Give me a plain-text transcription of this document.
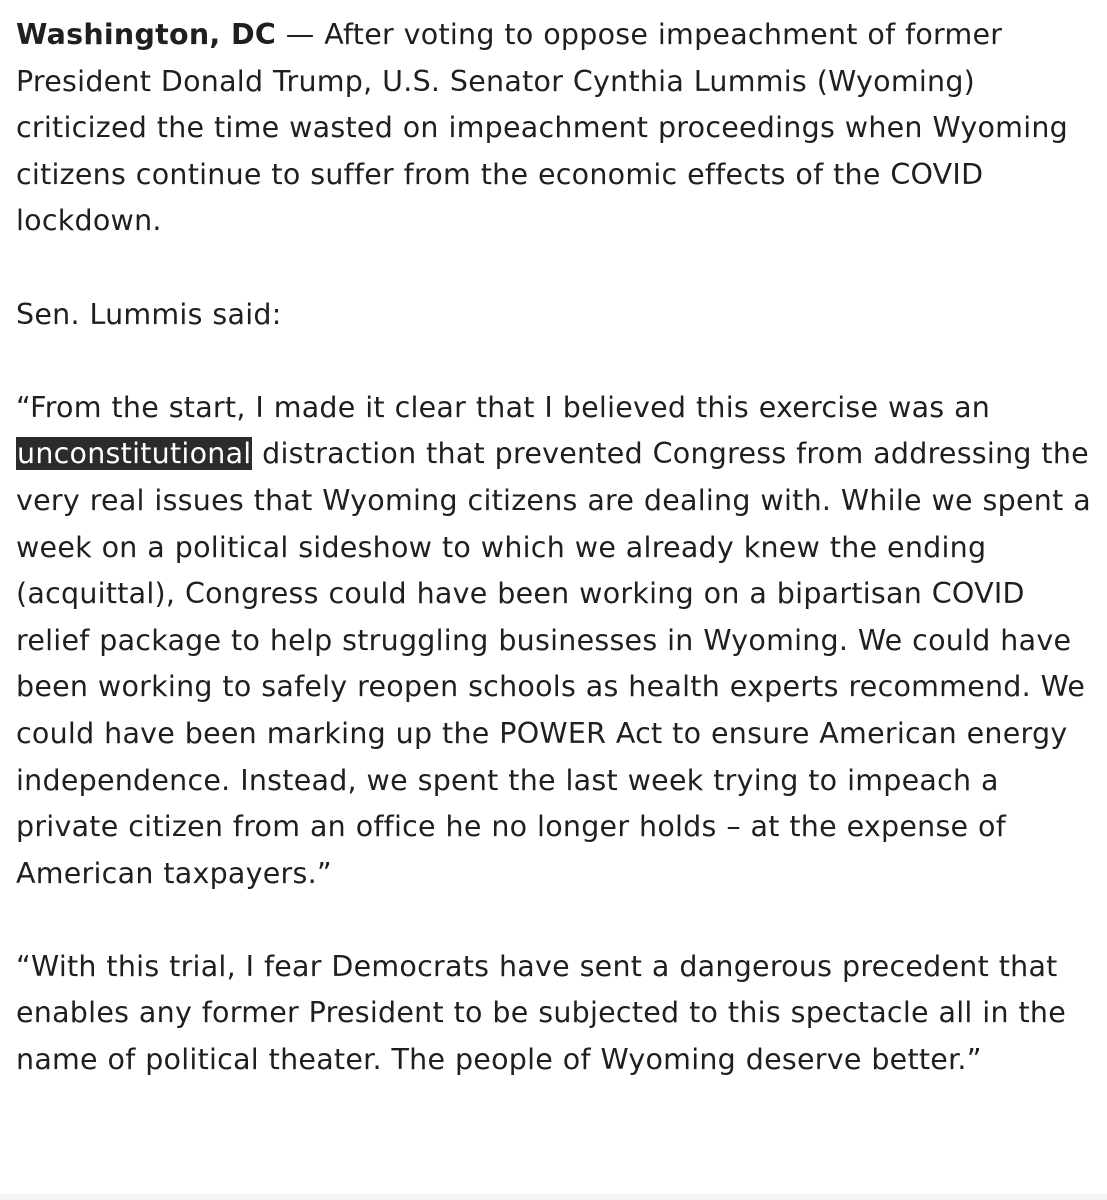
Washington, DC — After voting to oppose impeachment of former President Donald Trump, U.S. Senator Cynthia Lummis (Wyoming) criticized the time wasted on impeachment proceedings when Wyoming citizens continue to suffer from the economic effects of the COVID lockdown.

Sen. Lummis said:

“From the start, I made it clear that I believed this exercise was an unconstitutional distraction that prevented Congress from addressing the very real issues that Wyoming citizens are dealing with. While we spent a week on a political sideshow to which we already knew the ending (acquittal), Congress could have been working on a bipartisan COVID relief package to help struggling businesses in Wyoming. We could have been working to safely reopen schools as health experts recommend. We could have been marking up the POWER Act to ensure American energy independence. Instead, we spent the last week trying to impeach a private citizen from an office he no longer holds – at the expense of American taxpayers.”

“With this trial, I fear Democrats have sent a dangerous precedent that enables any former President to be subjected to this spectacle all in the name of political theater. The people of Wyoming deserve better.”
